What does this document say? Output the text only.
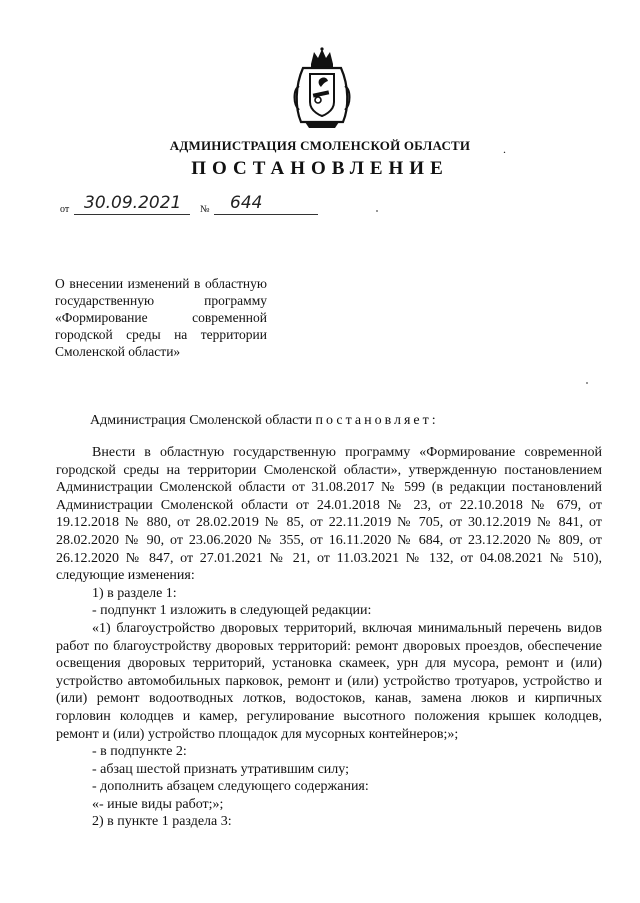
АДМИНИСТРАЦИЯ СМОЛЕНСКОЙ ОБЛАСТИ	.
ПОСТАНОВЛЕНИЕ
от 30.09.2021 № 644

О внесении изменений в областную государственную программу «Формирование современной городской среды на территории Смоленской области»

Администрация Смоленской области постановляет:

Внести в областную государственную программу «Формирование современной городской среды на территории Смоленской области», утвержденную постановлением Администрации Смоленской области от 31.08.2017 № 599 (в редакции постановлений Администрации Смоленской области от 24.01.2018 № 23, от 22.10.2018 № 679, от 19.12.2018 № 880, от 28.02.2019 № 85, от 22.11.2019 № 705, от 30.12.2019 № 841, от 28.02.2020 № 90, от 23.06.2020 № 355, от 16.11.2020 № 684, от 23.12.2020 № 809, от 26.12.2020 № 847, от 27.01.2021 № 21, от 11.03.2021 № 132, от 04.08.2021 № 510), следующие изменения:

1) в разделе 1:

- подпункт 1 изложить в следующей редакции:

«1) благоустройство дворовых территорий, включая минимальный перечень видов работ по благоустройству дворовых территорий: ремонт дворовых проездов, обеспечение освещения дворовых территорий, установка скамеек, урн для мусора, ремонт и (или) устройство автомобильных парковок, ремонт и (или) устройство тротуаров, устройство и (или) ремонт водоотводных лотков, водостоков, канав, замена люков и кирпичных горловин колодцев и камер, регулирование высотного положения крышек колодцев, ремонт и (или) устройство площадок для мусорных контейнеров;»;

- в подпункте 2:

- абзац шестой признать утратившим силу;

- дополнить абзацем следующего содержания:

«- иные виды работ;»;

2) в пункте 1 раздела 3:
